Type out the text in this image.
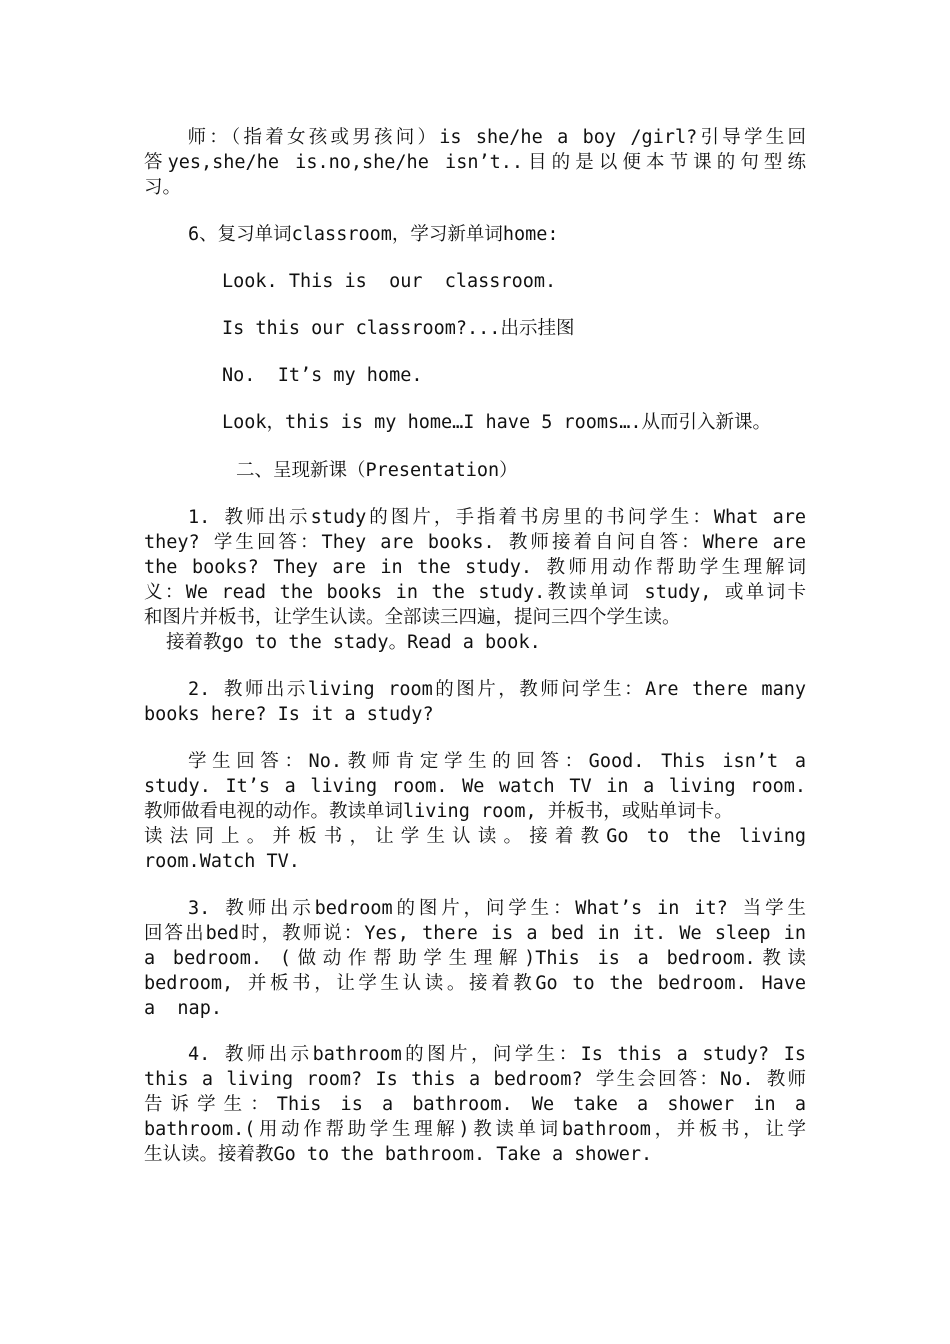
　　师：（指着女孩或男孩问）is she/he a boy /girl?引导学生回
答yes,she/he is.no,she/he isn’t..目的是以便本节课的句型练
习。
6、复习单词classroom，学习新单词home:
Look. This is  our  classroom.
Is this our classroom?...出示挂图
No.  It’s my home.
Look，this is my home…I have 5 rooms….从而引入新课。
二、呈现新课（Presentation）
1. 教师出示study的图片，手指着书房里的书问学生：What are
they? 学生回答：They are books. 教师接着自问自答：Where are
the books? They are in the study. 教师用动作帮助学生理解词
义：We read the books in the study.教读单词 study, 或单词卡
和图片并板书，让学生认读。全部读三四遍，提问三四个学生读。
接着教go to the stady。Read a book.
2. 教师出示living room的图片，教师问学生：Are there many
books here? Is it a study?
学生回答：No.教师肯定学生的回答：Good. This isn’t a
study. It’s a living room. We watch TV in a living room.
教师做看电视的动作。教读单词living room, 并板书，或贴单词卡。
读法同上。并板书，让学生认读。接着教Go to the living
room.Watch TV.
3. 教师出示bedroom的图片，问学生：What’s in it? 当学生
回答出bed时，教师说：Yes, there is a bed in it. We sleep in
a bedroom. (做动作帮助学生理解)This is a bedroom.教读
bedroom, 并板书，让学生认读。接着教Go to the bedroom. Have
a  nap.
4. 教师出示bathroom的图片，问学生：Is this a study? Is
this a living room? Is this a bedroom? 学生会回答：No. 教师
告诉学生：This is a bathroom. We take a shower in a
bathroom.(用动作帮助学生理解)教读单词bathroom，并板书，让学
生认读。接着教Go to the bathroom. Take a shower.
